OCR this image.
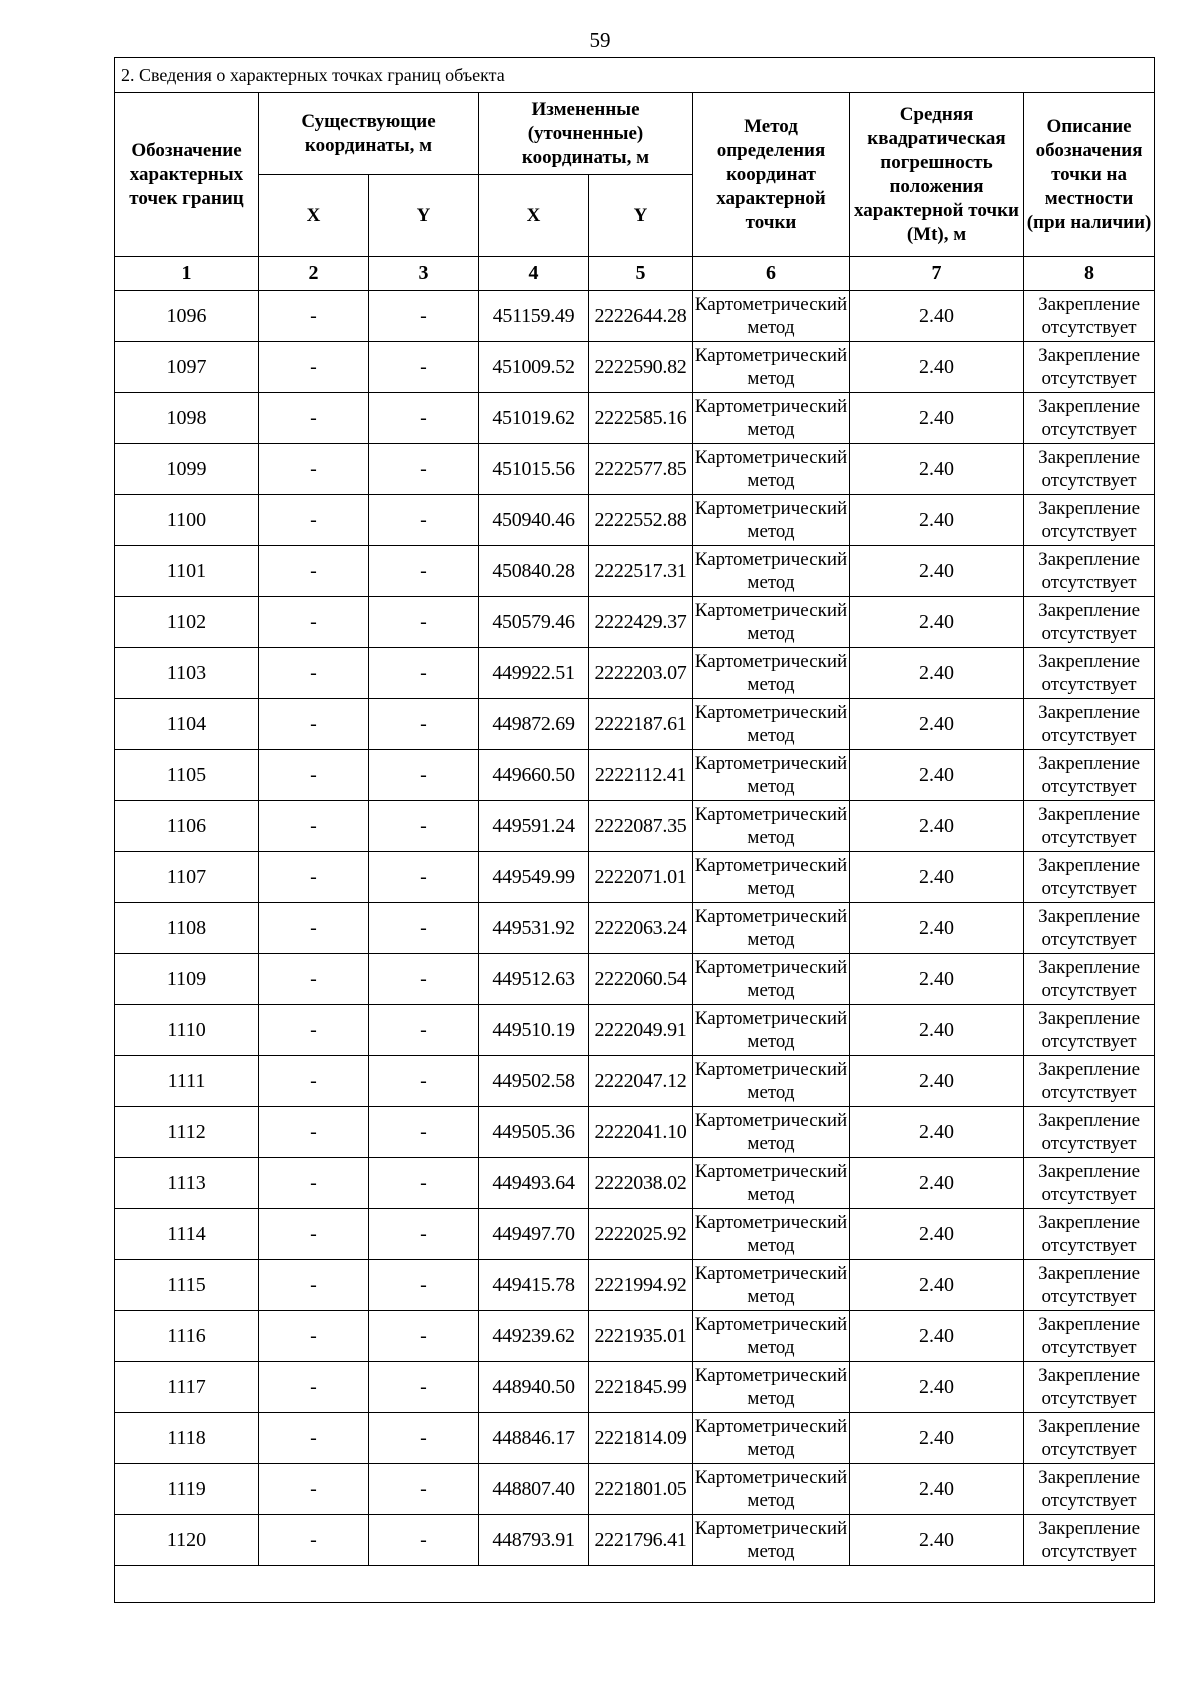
59
2. Сведения о характерных точках границ объекта							
Обозначение характерных точек границ	Существующие координаты, м		Измененные (уточненные) координаты, м		Метод определения координат характерной точки	Средняя квадратическая погрешность положения характерной точки (Mt), м	Описание обозначения точки на местности (при наличии)
	X	Y	X	Y			
1	2	3	4	5	6	7	8
1096	-	-	451159.49	2222644.28	Картометрический метод	2.40	Закрепление отсутствует
1097	-	-	451009.52	2222590.82	Картометрический метод	2.40	Закрепление отсутствует
1098	-	-	451019.62	2222585.16	Картометрический метод	2.40	Закрепление отсутствует
1099	-	-	451015.56	2222577.85	Картометрический метод	2.40	Закрепление отсутствует
1100	-	-	450940.46	2222552.88	Картометрический метод	2.40	Закрепление отсутствует
1101	-	-	450840.28	2222517.31	Картометрический метод	2.40	Закрепление отсутствует
1102	-	-	450579.46	2222429.37	Картометрический метод	2.40	Закрепление отсутствует
1103	-	-	449922.51	2222203.07	Картометрический метод	2.40	Закрепление отсутствует
1104	-	-	449872.69	2222187.61	Картометрический метод	2.40	Закрепление отсутствует
1105	-	-	449660.50	2222112.41	Картометрический метод	2.40	Закрепление отсутствует
1106	-	-	449591.24	2222087.35	Картометрический метод	2.40	Закрепление отсутствует
1107	-	-	449549.99	2222071.01	Картометрический метод	2.40	Закрепление отсутствует
1108	-	-	449531.92	2222063.24	Картометрический метод	2.40	Закрепление отсутствует
1109	-	-	449512.63	2222060.54	Картометрический метод	2.40	Закрепление отсутствует
1110	-	-	449510.19	2222049.91	Картометрический метод	2.40	Закрепление отсутствует
1111	-	-	449502.58	2222047.12	Картометрический метод	2.40	Закрепление отсутствует
1112	-	-	449505.36	2222041.10	Картометрический метод	2.40	Закрепление отсутствует
1113	-	-	449493.64	2222038.02	Картометрический метод	2.40	Закрепление отсутствует
1114	-	-	449497.70	2222025.92	Картометрический метод	2.40	Закрепление отсутствует
1115	-	-	449415.78	2221994.92	Картометрический метод	2.40	Закрепление отсутствует
1116	-	-	449239.62	2221935.01	Картометрический метод	2.40	Закрепление отсутствует
1117	-	-	448940.50	2221845.99	Картометрический метод	2.40	Закрепление отсутствует
1118	-	-	448846.17	2221814.09	Картометрический метод	2.40	Закрепление отсутствует
1119	-	-	448807.40	2221801.05	Картометрический метод	2.40	Закрепление отсутствует
1120	-	-	448793.91	2221796.41	Картометрический метод	2.40	Закрепление отсутствует
